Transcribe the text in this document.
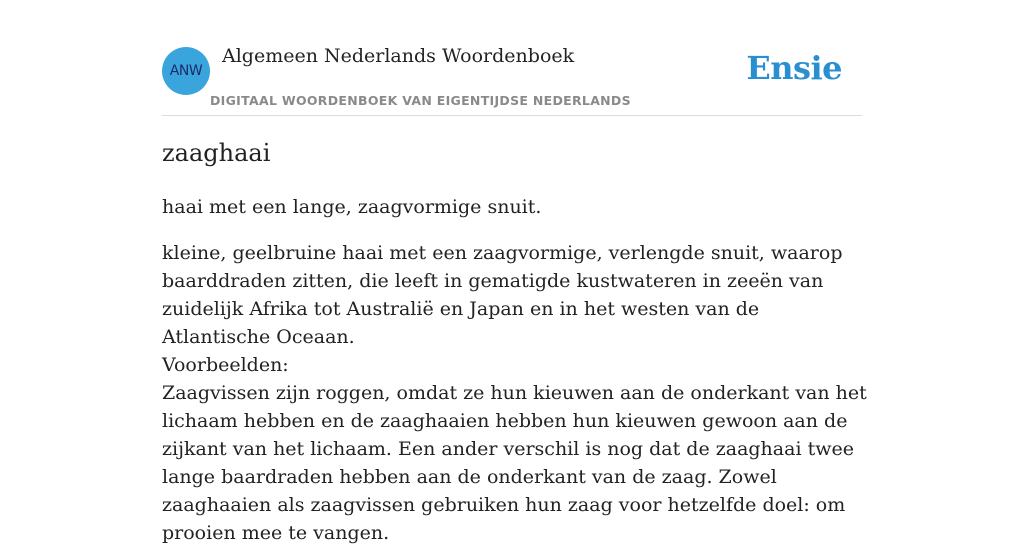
ANW
Algemeen Nederlands Woordenboek
DIGITAAL WOORDENBOEK VAN EIGENTIJDSE NEDERLANDS
Ensie
zaaghaai

haai met een lange, zaagvormige snuit.

kleine, geelbruine haai met een zaagvormige, verlengde snuit, waarop baarddraden zitten, die leeft in gematigde kustwateren in zeeën van zuidelijk Afrika tot Australië en Japan en in het westen van de Atlantische Oceaan.

Voorbeelden:

Zaagvissen zijn roggen, omdat ze hun kieuwen aan de onderkant van het lichaam hebben en de zaaghaaien hebben hun kieuwen gewoon aan de zijkant van het lichaam. Een ander verschil is nog dat de zaaghaai twee lange baardraden hebben aan de onderkant van de zaag. Zowel zaaghaaien als zaagvissen gebruiken hun zaag voor hetzelfde doel: om prooien mee te vangen.
